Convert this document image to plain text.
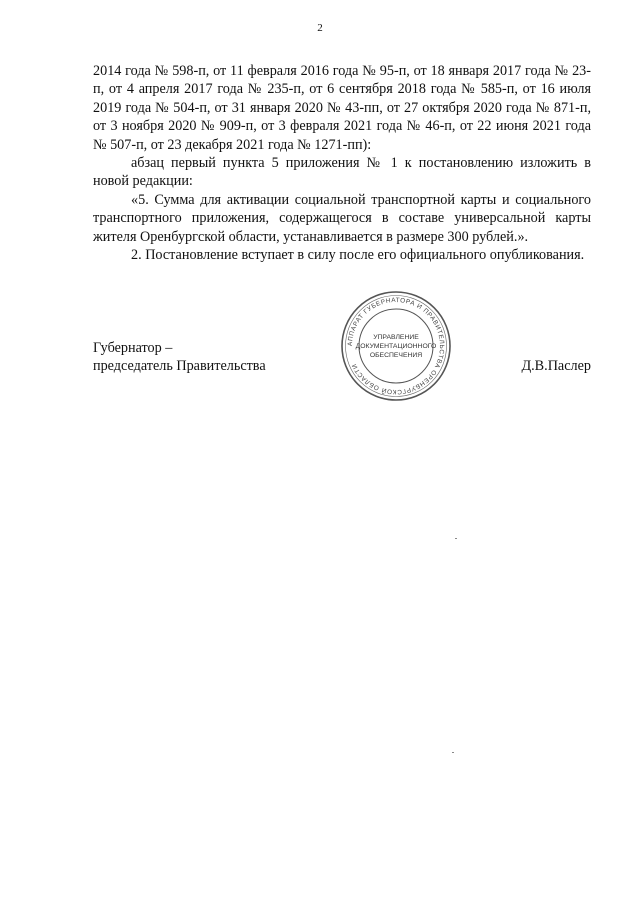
2

2014 года № 598-п, от 11 февраля 2016 года № 95-п, от 18 января 2017 года № 23-п, от 4 апреля 2017 года № 235-п, от 6 сентября 2018 года № 585-п, от 16 июля 2019 года № 504-п, от 31 января 2020 № 43-пп, от 27 октября 2020 года № 871-п, от 3 ноября 2020 № 909-п, от 3 февраля 2021 года № 46-п, от 22 июня 2021 года № 507-п, от 23 декабря 2021 года № 1271-пп):

абзац первый пункта 5 приложения № 1 к постановлению изложить в новой редакции:

«5. Сумма для активации социальной транспортной карты и социального транспортного приложения, содержащегося в составе универсальной карты жителя Оренбургской области, устанавливается в размере 300 рублей.».

2. Постановление вступает в силу после его официального опубликования.

Губернатор –
председатель Правительства	Д.В.Паслер
АППАРАТ ГУБЕРНАТОРА И ПРАВИТЕЛЬСТВА ОРЕНБУРГСКОЙ ОБЛАСТИ
УПРАВЛЕНИЕ
ДОКУМЕНТАЦИОННОГО
ОБЕСПЕЧЕНИЯ
